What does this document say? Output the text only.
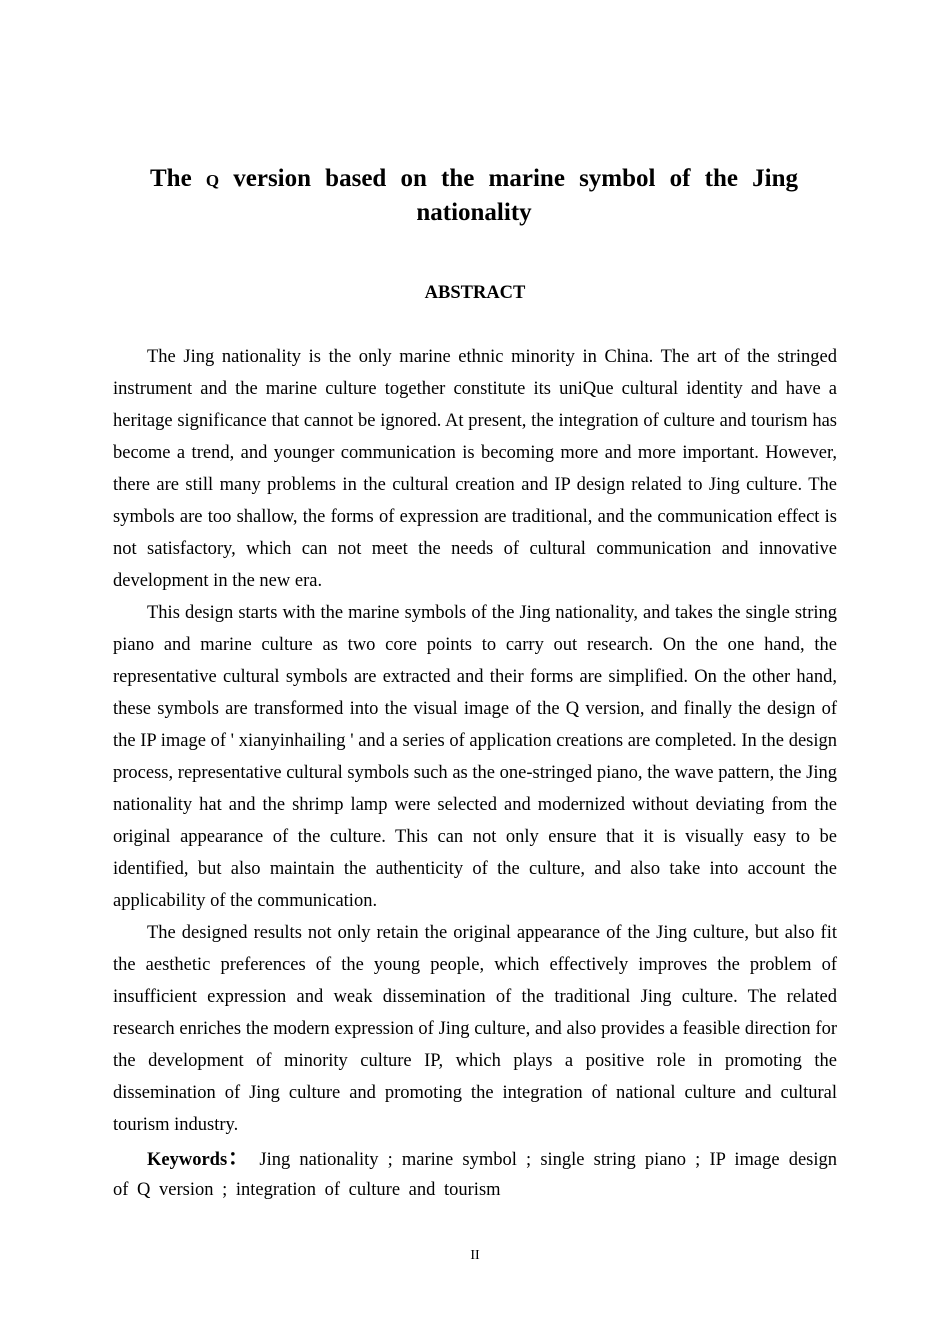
The Q version based on the marine symbol of the Jing nationality
ABSTRACT

The Jing nationality is the only marine ethnic minority in China. The art of the stringed instrument and the marine culture together constitute its uniQue cultural identity and have a heritage significance that cannot be ignored. At present, the integration of culture and tourism has become a trend, and younger communication is becoming more and more important. However, there are still many problems in the cultural creation and IP design related to Jing culture. The symbols are too shallow, the forms of expression are traditional, and the communication effect is not satisfactory, which can not meet the needs of cultural communication and innovative development in the new era.

This design starts with the marine symbols of the Jing nationality, and takes the single string piano and marine culture as two core points to carry out research. On the one hand, the representative cultural symbols are extracted and their forms are simplified. On the other hand, these symbols are transformed into the visual image of the Q version, and finally the design of the IP image of ' xianyinhailing ' and a series of application creations are completed. In the design process, representative cultural symbols such as the one-stringed piano, the wave pattern, the Jing nationality hat and the shrimp lamp were selected and modernized without deviating from the original appearance of the culture. This can not only ensure that it is visually easy to be identified, but also maintain the authenticity of the culture, and also take into account the applicability of the communication.

The designed results not only retain the original appearance of the Jing culture, but also fit the aesthetic preferences of the young people, which effectively improves the problem of insufficient expression and weak dissemination of the traditional Jing culture. The related research enriches the modern expression of Jing culture, and also provides a feasible direction for the development of minority culture IP, which plays a positive role in promoting the dissemination of Jing culture and promoting the integration of national culture and cultural tourism industry.

Keywords： Jing nationality ; marine symbol ; single string piano ; IP image design of Q version ; integration of culture and tourism

II
